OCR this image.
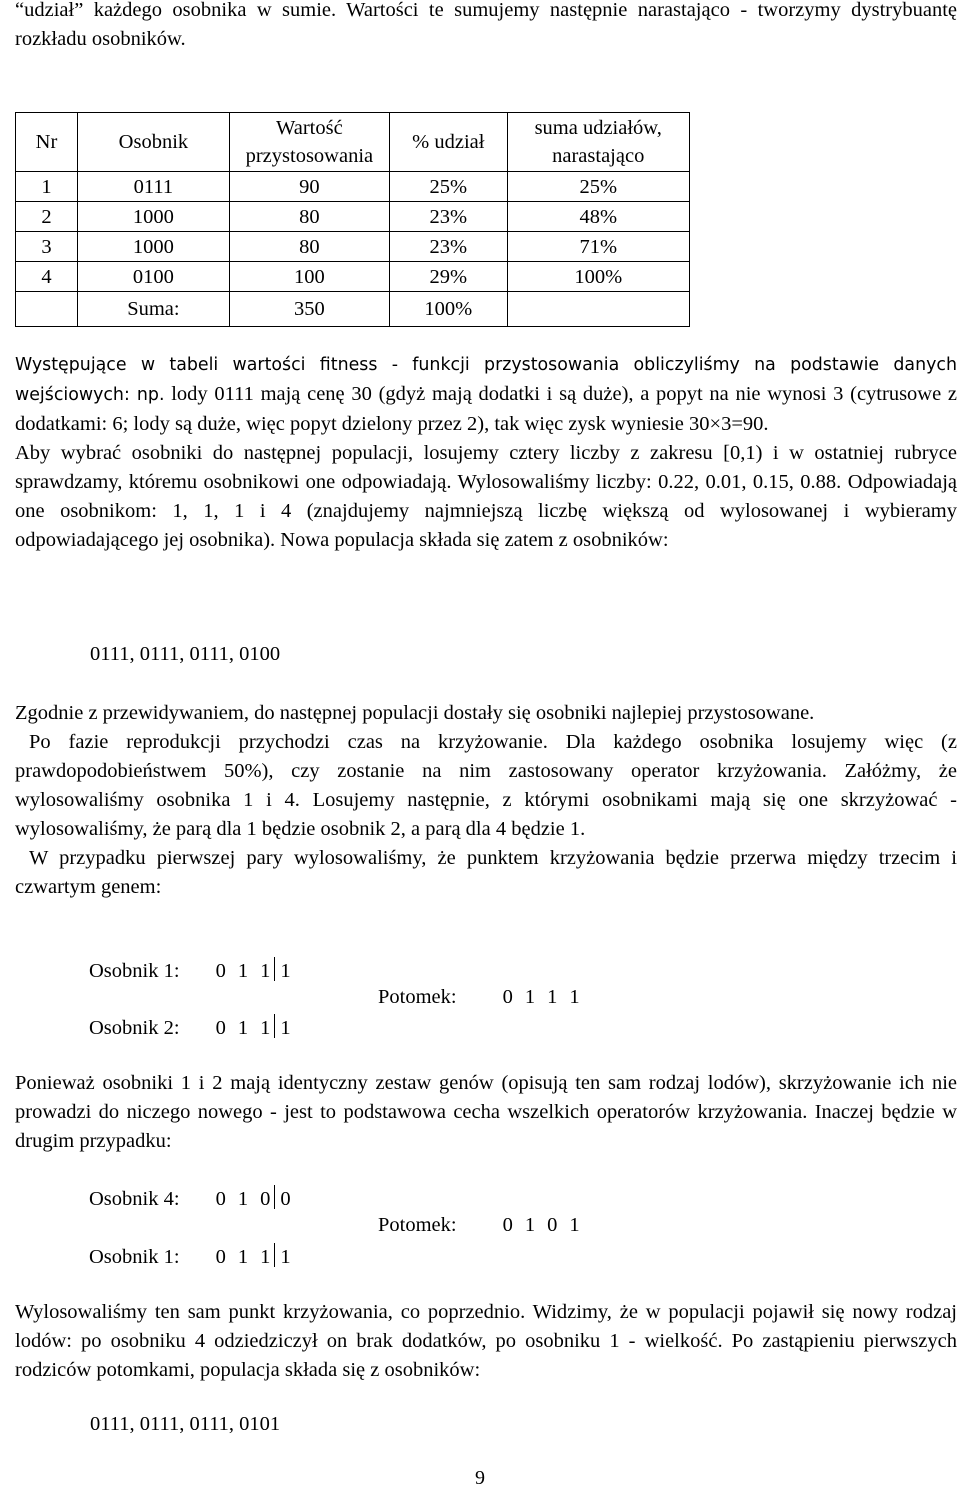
“udział” każdego osobnika w sumie. Wartości te sumujemy następnie narastająco - tworzymy dystrybuantę rozkładu osobników.

Nr	Osobnik	Wartość przystosowania	% udział	suma udziałów, narastająco	
1	0111	90	25%	25%	
2	1000	80	23%	48%	
3	1000	80	23%	71%	
4	0100	100	29%	100%	
	Suma:	350	100%		

Występujące w tabeli wartości fitness - funkcji przystosowania obliczyliśmy na podstawie danych wejściowych: np. lody 0111 mają cenę 30 (gdyż mają dodatki i są duże), a popyt na nie wynosi 3 (cytrusowe z dodatkami: 6; lody są duże, więc popyt dzielony przez 2), tak więc zysk wyniesie 30×3=90.

Aby wybrać osobniki do następnej populacji, losujemy cztery liczby z zakresu [0,1) i w ostatniej rubryce sprawdzamy, któremu osobnikowi one odpowiadają. Wylosowaliśmy liczby: 0.22, 0.01, 0.15, 0.88. Odpowiadają one osobnikom: 1, 1, 1 i 4 (znajdujemy najmniejszą liczbę większą od wylosowanej i wybieramy odpowiadającego jej osobnika). Nowa populacja składa się zatem z osobników:

0111, 0111, 0111, 0100

Zgodnie z przewidywaniem, do następnej populacji dostały się osobniki najlepiej przystosowane.

Po fazie reprodukcji przychodzi czas na krzyżowanie. Dla każdego osobnika losujemy więc (z prawdopodobieństwem 50%), czy zostanie na nim zastosowany operator krzyżowania. Załóżmy, że wylosowaliśmy osobnika 1 i 4. Losujemy następnie, z którymi osobnikami mają się one skrzyżować - wylosowaliśmy, że parą dla 1 będzie osobnik 2, a parą dla 4 będzie 1.

W przypadku pierwszej pary wylosowaliśmy, że punktem krzyżowania będzie przerwa między trzecim i czwartym genem:

Osobnik 1: 0 1 1 1
Potomek: 0 1 1 1
Osobnik 2: 0 1 1 1

Ponieważ osobniki 1 i 2 mają identyczny zestaw genów (opisują ten sam rodzaj lodów), skrzyżowanie ich nie prowadzi do niczego nowego - jest to podstawowa cecha wszelkich operatorów krzyżowania. Inaczej będzie w drugim przypadku:

Osobnik 4: 0 1 0 0
Potomek: 0 1 0 1
Osobnik 1: 0 1 1 1

Wylosowaliśmy ten sam punkt krzyżowania, co poprzednio. Widzimy, że w populacji pojawił się nowy rodzaj lodów: po osobniku 4 odziedziczył on brak dodatków, po osobniku 1 - wielkość. Po zastąpieniu pierwszych rodziców potomkami, populacja składa się z osobników:

0111, 0111, 0111, 0101
9
